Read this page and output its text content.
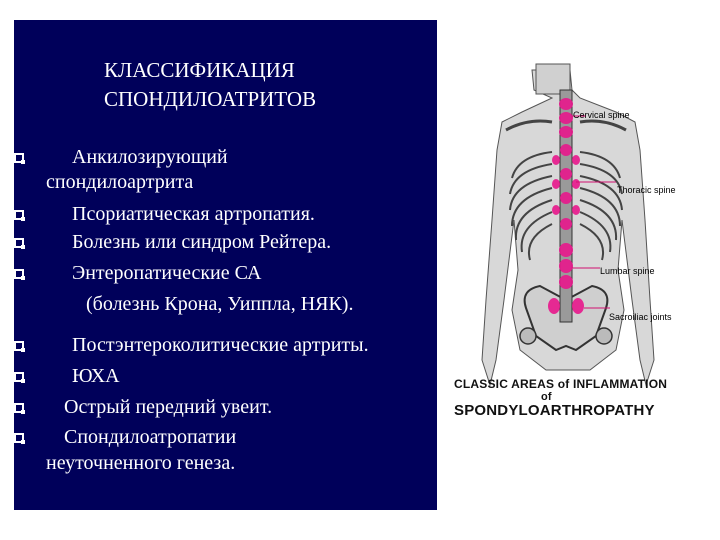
КЛАССИФИКАЦИЯ
СПОНДИЛОАТРИТОВ
Анкилозирующий
спондилоартрита
Псориатическая артропатия.
Болезнь или синдром Рейтера.
Энтеропатические СА
(болезнь Крона, Уиппла, НЯК).
Постэнтероколитические артриты.
ЮХА
Острый передний увеит.
Спондилоатропатии
неуточненного генеза.
Cervical spine
Thoracic spine
Lumbar spine
Sacroiliac joints
CLASSIC AREAS of INFLAMMATION
of
SPONDYLOARTHROPATHY
